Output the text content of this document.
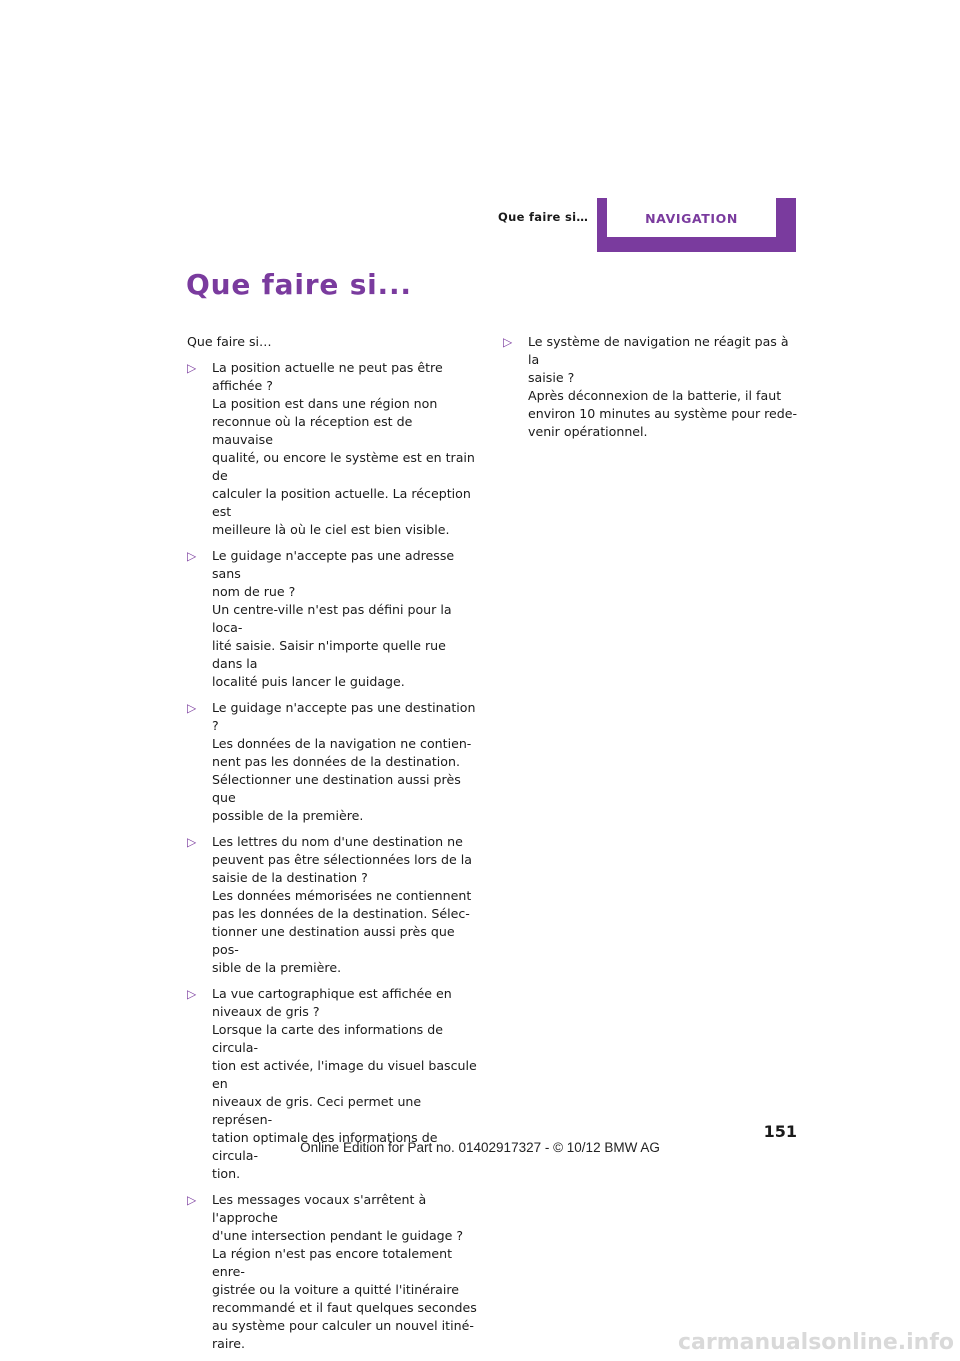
Que faire si…	NAVIGATION
Que faire si...

Que faire si…

▷ La position actuelle ne peut pas être
affichée ?
La position est dans une région non
reconnue où la réception est de mauvaise
qualité, ou encore le système est en train de
calculer la position actuelle. La réception est
meilleure là où le ciel est bien visible.
▷ Le guidage n'accepte pas une adresse sans
nom de rue ?
Un centre-ville n'est pas défini pour la loca-
lité saisie. Saisir n'importe quelle rue dans la
localité puis lancer le guidage.
▷ Le guidage n'accepte pas une destination ?
Les données de la navigation ne contien-
nent pas les données de la destination.
Sélectionner une destination aussi près que
possible de la première.
▷ Les lettres du nom d'une destination ne
peuvent pas être sélectionnées lors de la
saisie de la destination ?
Les données mémorisées ne contiennent
pas les données de la destination. Sélec-
tionner une destination aussi près que pos-
sible de la première.
▷ La vue cartographique est affichée en
niveaux de gris ?
Lorsque la carte des informations de circula-
tion est activée, l'image du visuel bascule en
niveaux de gris. Ceci permet une représen-
tation optimale des informations de circula-
tion.
▷ Les messages vocaux s'arrêtent à l'approche
d'une intersection pendant le guidage ?
La région n'est pas encore totalement enre-
gistrée ou la voiture a quitté l'itinéraire
recommandé et il faut quelques secondes
au système pour calculer un nouvel itiné-
raire.
▷ Le système de navigation ne réagit pas à la
saisie ?
Après déconnexion de la batterie, il faut
environ 10 minutes au système pour rede-
venir opérationnel.
151
Online Edition for Part no. 01402917327 - © 10/12 BMW AG
carmanualsonline.info
